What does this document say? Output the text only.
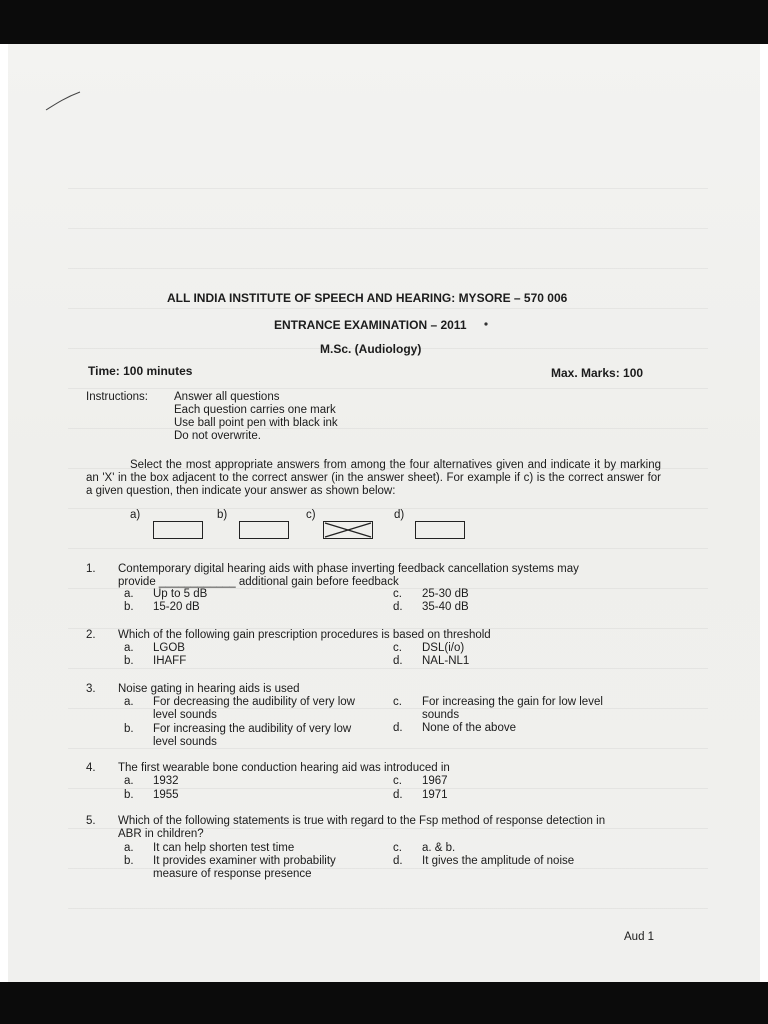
ALL INDIA INSTITUTE OF SPEECH AND HEARING: MYSORE – 570 006
ENTRANCE EXAMINATION – 2011
M.Sc. (Audiology)
Time: 100 minutes	Max. Marks: 100
Instructions: Answer all questions
Each question carries one mark
Use ball point pen with black ink
Do not overwrite.
Select the most appropriate answers from among the four alternatives given and indicate it by marking an 'X' in the box adjacent to the correct answer (in the answer sheet). For example if c) is the correct answer for a given question, then indicate your answer as shown below:
a)	b)	c)	d)
1. Contemporary digital hearing aids with phase inverting feedback cancellation systems may
provide ____________ additional gain before feedback
a. Up to 5 dB
b. 15-20 dB
c. 25-30 dB
d. 35-40 dB
2. Which of the following gain prescription procedures is based on threshold
a. LGOB
b. IHAFF
c. DSL(i/o)
d. NAL-NL1
3. Noise gating in hearing aids is used
a. For decreasing the audibility of very low
level sounds
b. For increasing the audibility of very low
level sounds
c. For increasing the gain for low level
sounds
d. None of the above
4. The first wearable bone conduction hearing aid was introduced in
a. 1932
b. 1955
c. 1967
d. 1971
5. Which of the following statements is true with regard to the Fsp method of response detection in
ABR in children?
a. It can help shorten test time
b. It provides examiner with probability
measure of response presence
c. a. & b.
d. It gives the amplitude of noise
Aud 1
